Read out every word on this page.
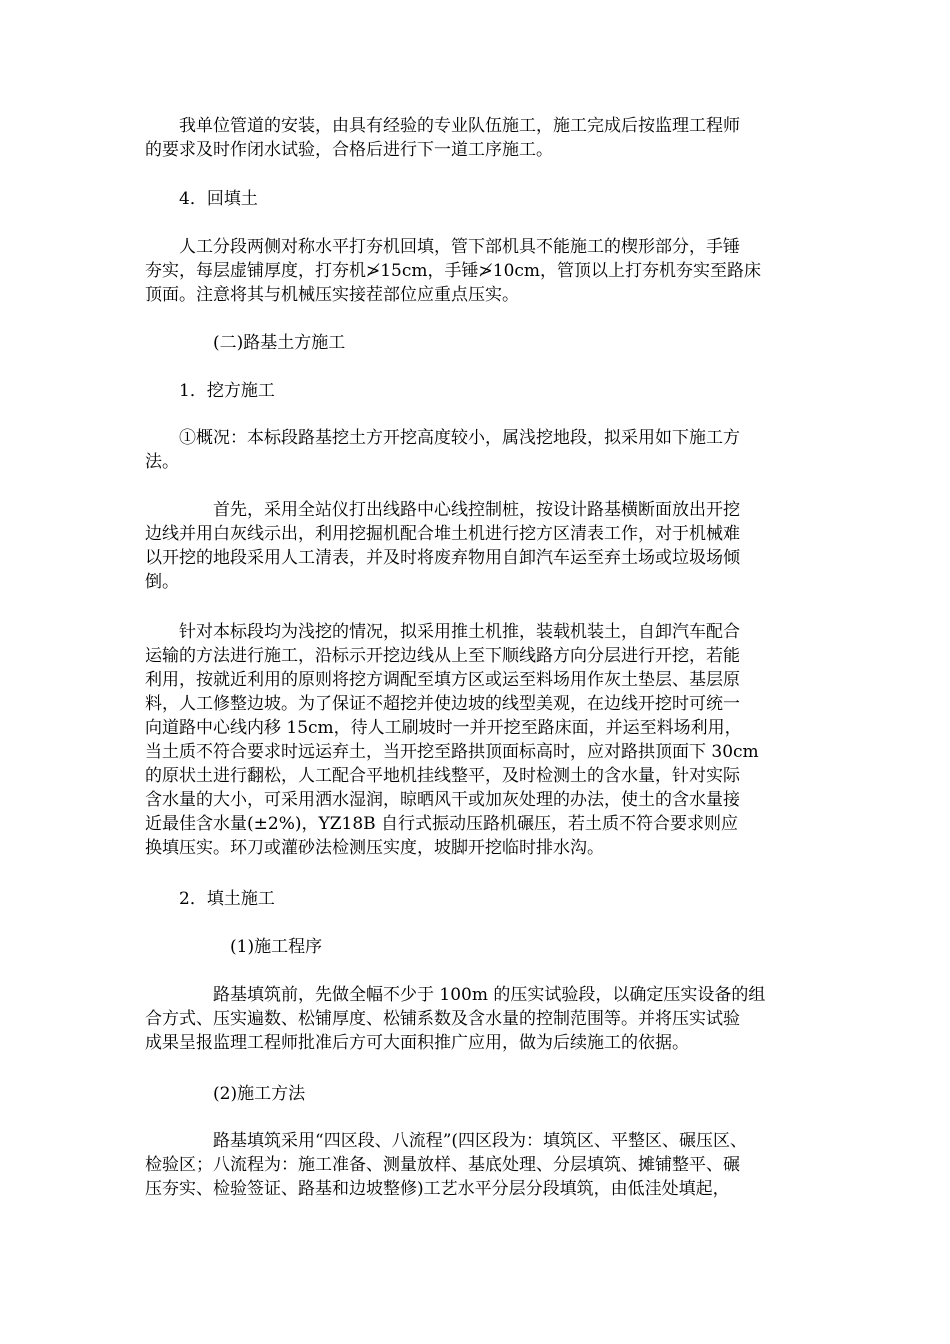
　　我单位管道的安装，由具有经验的专业队伍施工，施工完成后按监理工程师
的要求及时作闭水试验，合格后进行下一道工序施工。
　　4．回填土
　　人工分段两侧对称水平打夯机回填，管下部机具不能施工的楔形部分，手锤
夯实，每层虚铺厚度，打夯机≯15cm，手锤≯10cm，管顶以上打夯机夯实至路床
顶面。注意将其与机械压实接茬部位应重点压实。
　　　　(二)路基土方施工
　　1．挖方施工
　　①概况：本标段路基挖土方开挖高度较小，属浅挖地段，拟采用如下施工方
法。
　　　　首先，采用全站仪打出线路中心线控制桩，按设计路基横断面放出开挖
边线并用白灰线示出，利用挖掘机配合堆土机进行挖方区清表工作，对于机械难
以开挖的地段采用人工清表，并及时将废弃物用自卸汽车运至弃土场或垃圾场倾
倒。
　　针对本标段均为浅挖的情况，拟采用推土机推，装载机装土，自卸汽车配合
运输的方法进行施工，沿标示开挖边线从上至下顺线路方向分层进行开挖，若能
利用，按就近利用的原则将挖方调配至填方区或运至料场用作灰土垫层、基层原
料，人工修整边坡。为了保证不超挖并使边坡的线型美观，在边线开挖时可统一
向道路中心线内移 15cm，待人工刷坡时一并开挖至路床面，并运至料场利用，
当土质不符合要求时远运弃土，当开挖至路拱顶面标高时，应对路拱顶面下 30cm
的原状土进行翻松，人工配合平地机挂线整平，及时检测土的含水量，针对实际
含水量的大小，可采用洒水湿润，晾晒风干或加灰处理的办法，使土的含水量接
近最佳含水量(±2%)，YZ18B 自行式振动压路机碾压，若土质不符合要求则应
换填压实。环刀或灌砂法检测压实度，坡脚开挖临时排水沟。
　　2．填土施工
　　　　　(1)施工程序
　　　　路基填筑前，先做全幅不少于 100m 的压实试验段，以确定压实设备的组
合方式、压实遍数、松铺厚度、松铺系数及含水量的控制范围等。并将压实试验
成果呈报监理工程师批准后方可大面积推广应用，做为后续施工的依据。
　　　　(2)施工方法
　　　　路基填筑采用“四区段、八流程”(四区段为：填筑区、平整区、碾压区、
检验区；八流程为：施工准备、测量放样、基底处理、分层填筑、摊铺整平、碾
压夯实、检验签证、路基和边坡整修)工艺水平分层分段填筑，由低洼处填起，
